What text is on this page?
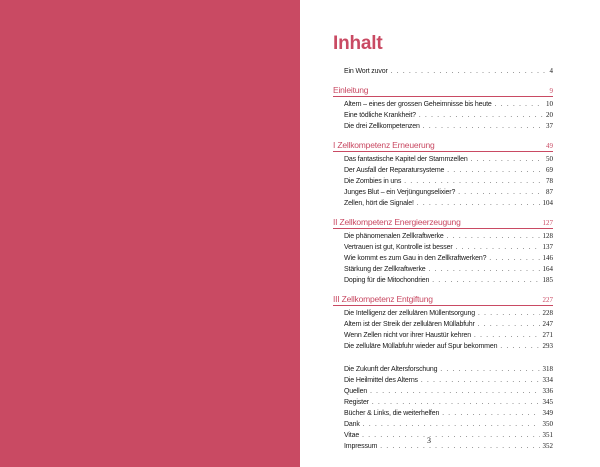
Inhalt
Ein Wort zuvor . . .	4
Einleitung	9
Altern – eines der grossen Geheimnisse bis heute . . .	10
Eine tödliche Krankheit? . . .	20
Die drei Zellkompetenzen . . .	37
I Zellkompetenz Erneuerung	49
Das fantastische Kapitel der Stammzellen . . .	50
Der Ausfall der Reparatursysteme . . .	69
Die Zombies in uns . . .	78
Junges Blut – ein Verjüngungselixier? . . .	87
Zellen, hört die Signale! . . .	104
II Zellkompetenz Energieerzeugung	127
Die phänomenalen Zellkraftwerke . . .	128
Vertrauen ist gut, Kontrolle ist besser . . .	137
Wie kommt es zum Gau in den Zellkraftwerken? . . .	146
Stärkung der Zellkraftwerke . . .	164
Doping für die Mitochondrien . . .	185
III Zellkompetenz Entgiftung	227
Die Intelligenz der zellulären Müllentsorgung . . .	228
Altern ist der Streik der zellulären Müllabfuhr . . .	247
Wenn Zellen nicht vor ihrer Haustür kehren . . .	271
Die zelluläre Müllabfuhr wieder auf Spur bekommen . . .	293
Die Zukunft der Altersforschung . . .	318
Die Heilmittel des Alterns . . .	334
Quellen . . .	336
Register . . .	345
Bücher & Links, die weiterhelfen . . .	349
Dank . . .	350
Vitae . . .	351
Impressum . . .	352
3
